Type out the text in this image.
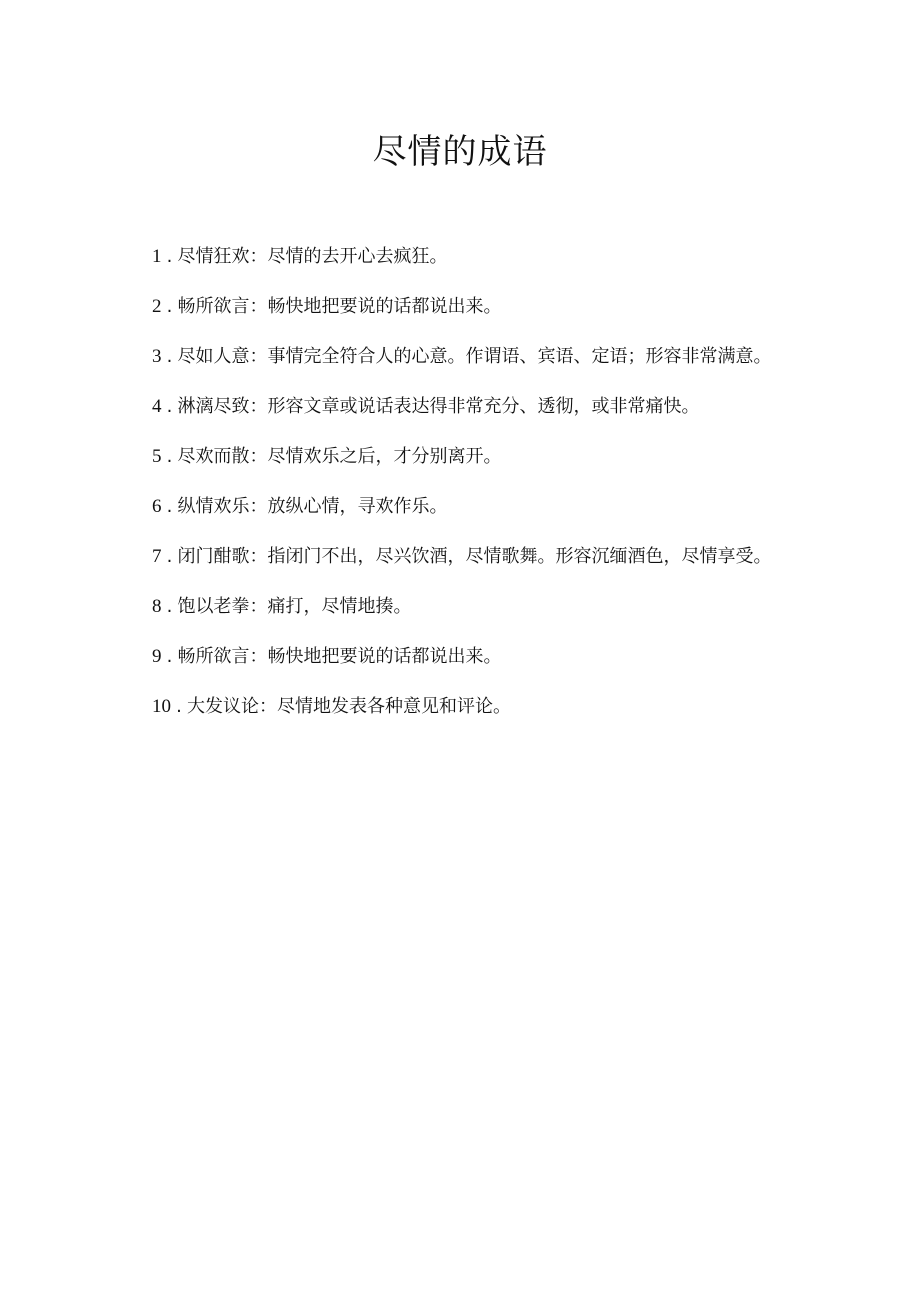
尽情的成语
1 . 尽情狂欢：尽情的去开心去疯狂。
2 . 畅所欲言：畅快地把要说的话都说出来。
3 . 尽如人意：事情完全符合人的心意。作谓语、宾语、定语；形容非常满意。
4 . 淋漓尽致：形容文章或说话表达得非常充分、透彻，或非常痛快。
5 . 尽欢而散：尽情欢乐之后，才分别离开。
6 . 纵情欢乐：放纵心情，寻欢作乐。
7 . 闭门酣歌：指闭门不出，尽兴饮酒，尽情歌舞。形容沉缅酒色，尽情享受。
8 . 饱以老拳：痛打，尽情地揍。
9 . 畅所欲言：畅快地把要说的话都说出来。
10 . 大发议论：尽情地发表各种意见和评论。
